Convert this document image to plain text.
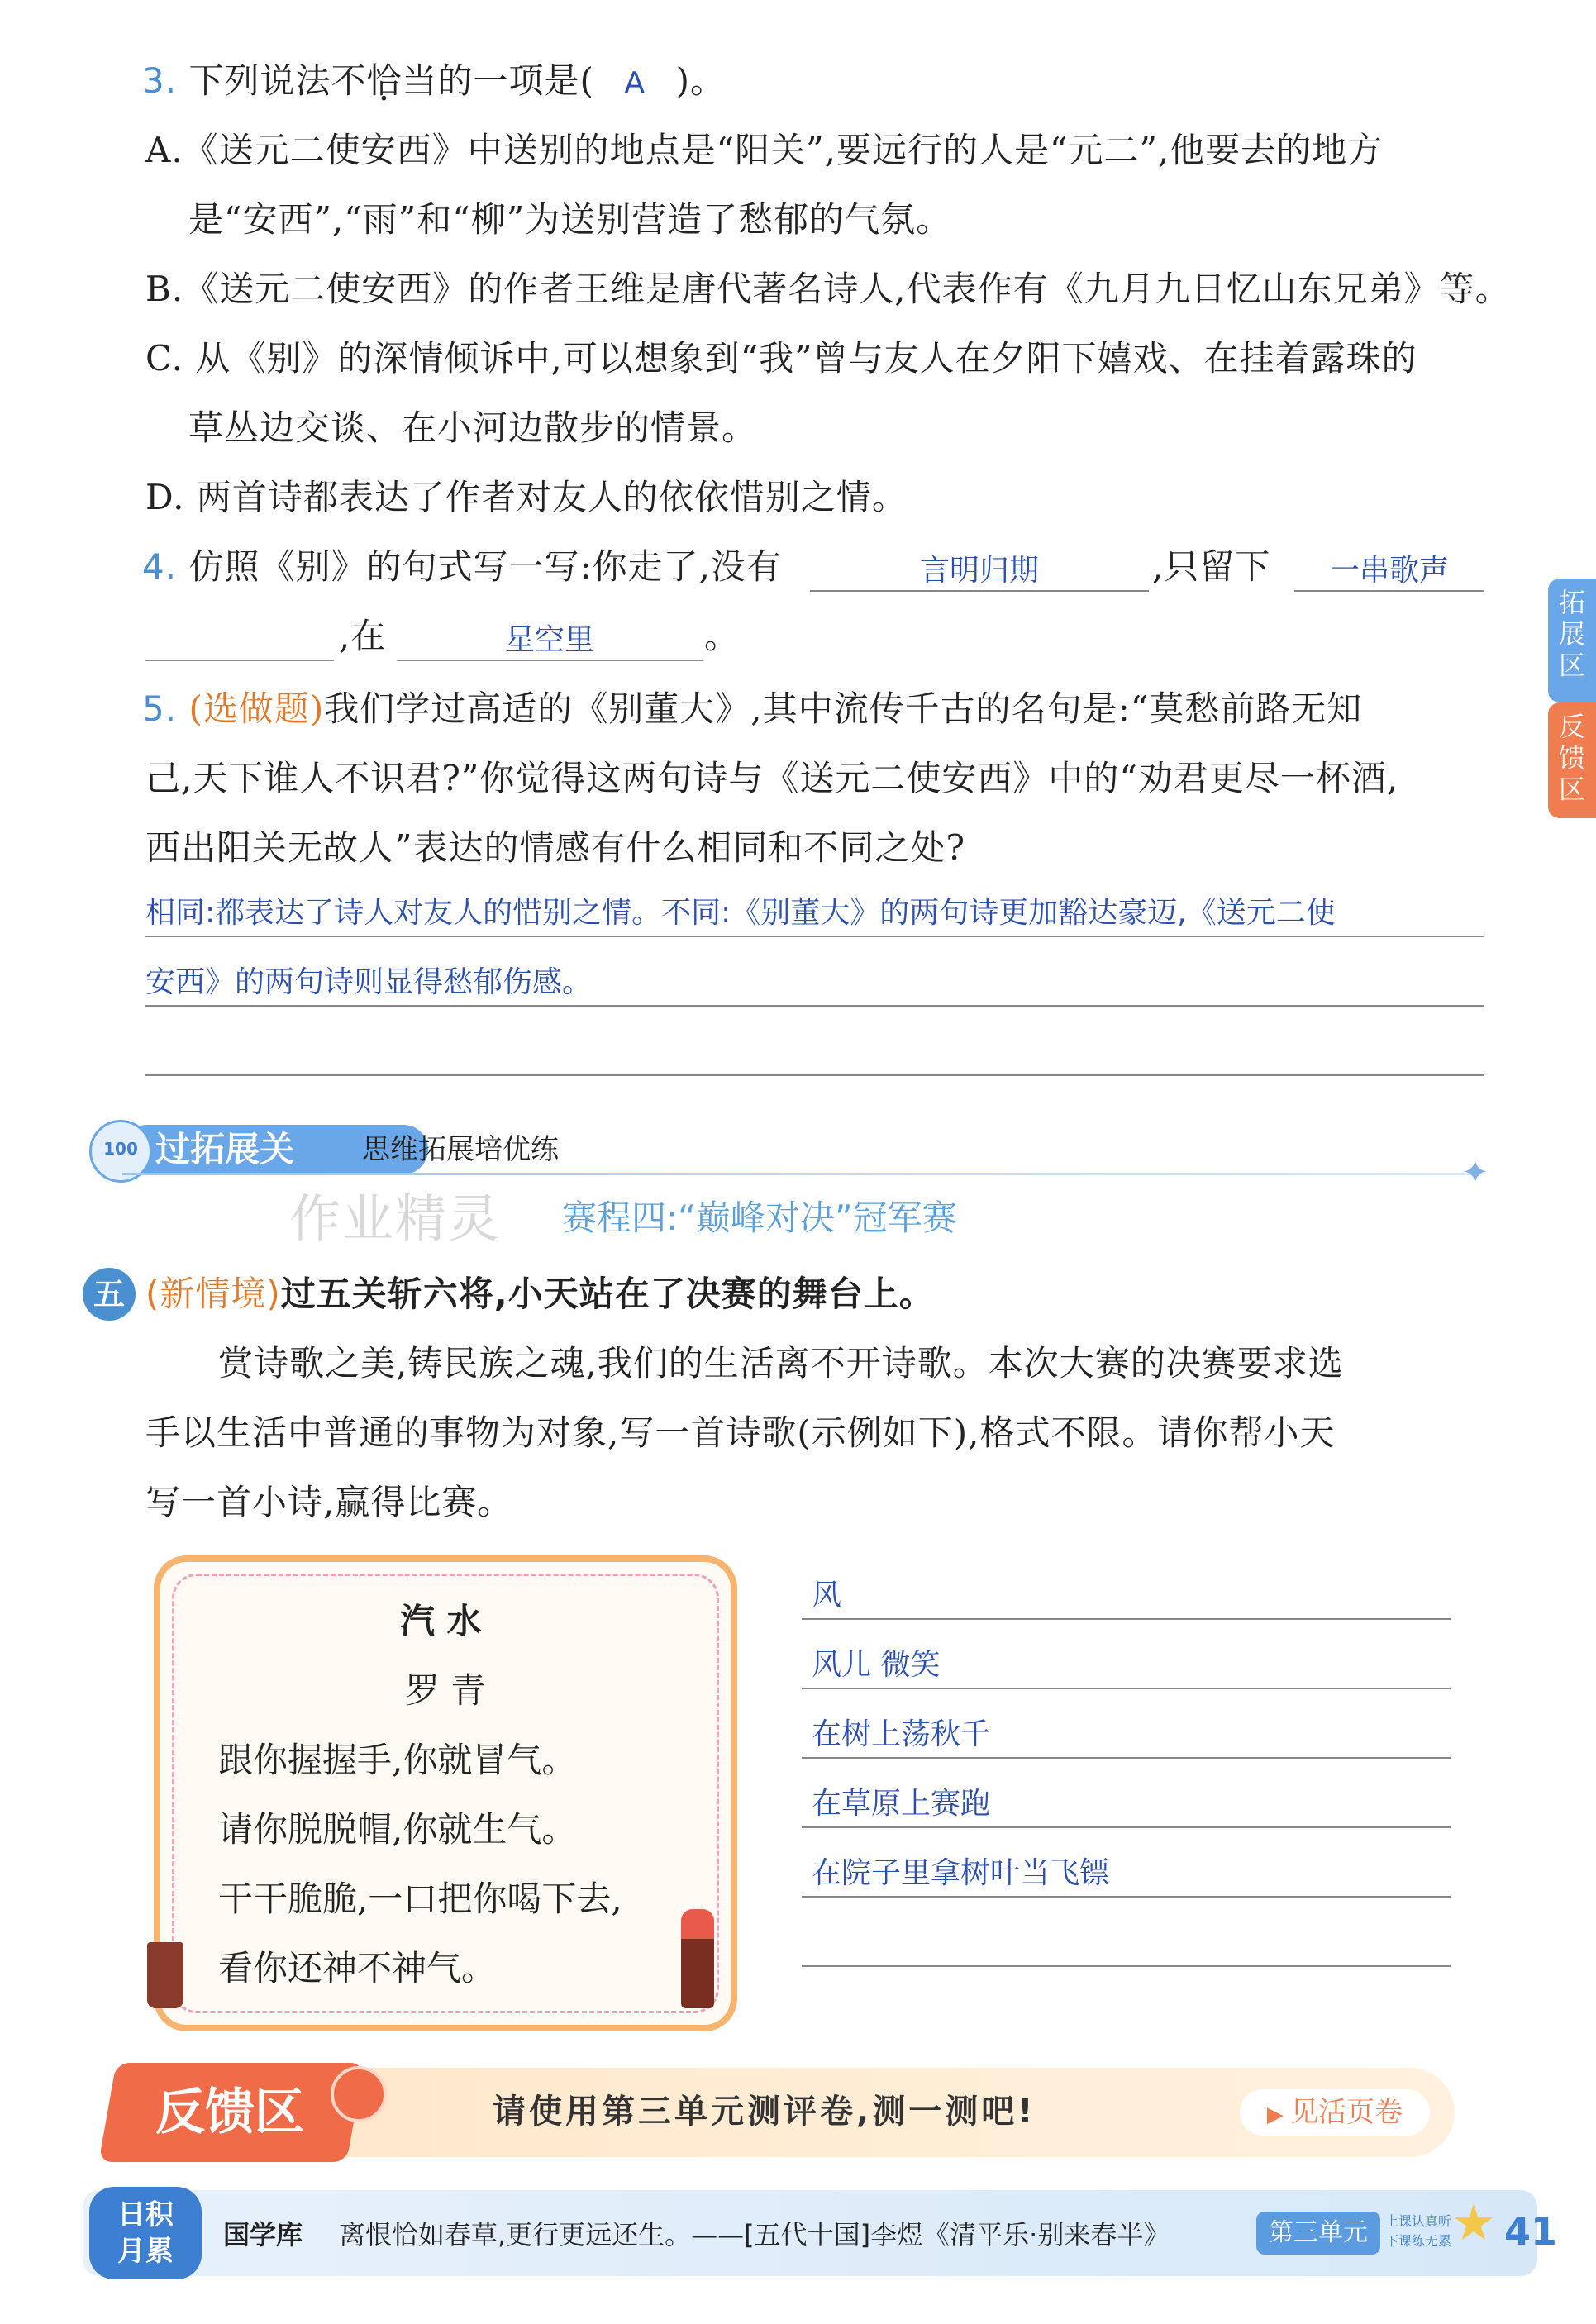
拓展区
反馈区
3. 下列说法不恰当的一项是( A )。
A.《送元二使安西》中送别的地点是“阳关”,要远行的人是“元二”,他要去的地方
是“安西”,“雨”和“柳”为送别营造了愁郁的气氛。
B.《送元二使安西》的作者王维是唐代著名诗人,代表作有《九月九日忆山东兄弟》等。
C. 从《别》的深情倾诉中,可以想象到“我”曾与友人在夕阳下嬉戏、在挂着露珠的
草丛边交谈、在小河边散步的情景。
D. 两首诗都表达了作者对友人的依依惜别之情。
4. 仿照《别》的句式写一写:你走了,没有	言明归期	,只留下	一串歌声
,在	星空里	。
5. (选做题)我们学过高适的《别董大》,其中流传千古的名句是:“莫愁前路无知
己,天下谁人不识君?”你觉得这两句诗与《送元二使安西》中的“劝君更尽一杯酒,
西出阳关无故人”表达的情感有什么相同和不同之处?
相同:都表达了诗人对友人的惜别之情。不同:《别董大》的两句诗更加豁达豪迈,《送元二使
安西》的两句诗则显得愁郁伤感。
100 过拓展关 思维拓展培优练
✦
作业精灵 赛程四:“巅峰对决”冠军赛
五 (新情境)过五关斩六将,小天站在了决赛的舞台上。
赏诗歌之美,铸民族之魂,我们的生活离不开诗歌。本次大赛的决赛要求选
手以生活中普通的事物为对象,写一首诗歌(示例如下),格式不限。请你帮小天
写一首小诗,赢得比赛。
汽 水
罗 青
跟你握握手,你就冒气。
请你脱脱帽,你就生气。
干干脆脆,一口把你喝下去,
看你还神不神气。
风
风儿 微笑
在树上荡秋千
在草原上赛跑
在院子里拿树叶当飞镖
反馈区	请使用第三单元测评卷,测一测吧!	▶ 见活页卷
日积
月累	国学库 离恨恰如春草,更行更远还生。——[五代十国]李煜《清平乐·别来春半》	第三单元	上课认真听
下课练无累 ★ 41
